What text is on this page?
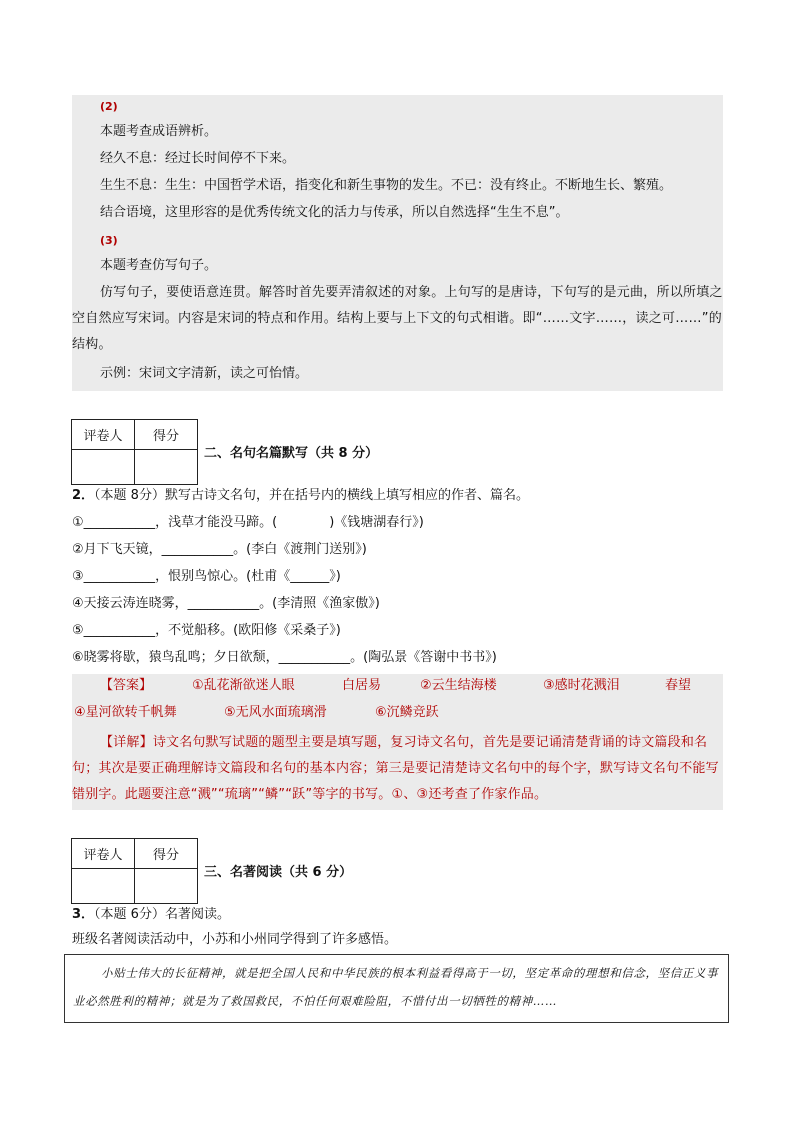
(2)
本题考查成语辨析。
经久不息：经过长时间停不下来。
生生不息：生生：中国哲学术语，指变化和新生事物的发生。不已：没有终止。不断地生长、繁殖。
结合语境，这里形容的是优秀传统文化的活力与传承，所以自然选择“生生不息”。
(3)
本题考查仿写句子。
仿写句子，要使语意连贯。解答时首先要弄清叙述的对象。上句写的是唐诗，下句写的是元曲，所以所填之空自然应写宋词。内容是宋词的特点和作用。结构上要与上下文的句式相谐。即“……文字……，读之可……”的结构。
示例：宋词文字清新，读之可怡情。
评卷人	得分

二、名句名篇默写（共 8 分）
2．（本题 8分）默写古诗文名句，并在括号内的横线上填写相应的作者、篇名。
①___________，浅草才能没马蹄。(　　　　)《钱塘湖春行》)
②月下飞天镜，___________。(李白《渡荆门送别》)
③___________，恨别鸟惊心。(杜甫《______》)
④天接云涛连晓雾，___________。(李清照《渔家傲》)
⑤___________，不觉船移。(欧阳修《采桑子》)
⑥晓雾将歇，猿鸟乱鸣；夕日欲颓，___________。(陶弘景《答谢中书书》)
【答案】	①乱花渐欲迷人眼	白居易	②云生结海楼	③感时花溅泪	春望
④星河欲转千帆舞	⑤无风水面琉璃滑	⑥沉鳞竞跃
【详解】诗文名句默写试题的题型主要是填写题，复习诗文名句，首先是要记诵清楚背诵的诗文篇段和名句；其次是要正确理解诗文篇段和名句的基本内容；第三是要记清楚诗文名句中的每个字，默写诗文名句不能写错别字。此题要注意“溅”“琉璃”“鳞”“跃”等字的书写。①、③还考查了作家作品。
评卷人	得分

三、名著阅读（共 6 分）
3．（本题 6分）名著阅读。
班级名著阅读活动中，小苏和小州同学得到了许多感悟。
小贴士伟大的长征精神，就是把全国人民和中华民族的根本利益看得高于一切，坚定革命的理想和信念，坚信正义事业必然胜利的精神；就是为了救国救民，不怕任何艰难险阻，不惜付出一切牺牲的精神……
